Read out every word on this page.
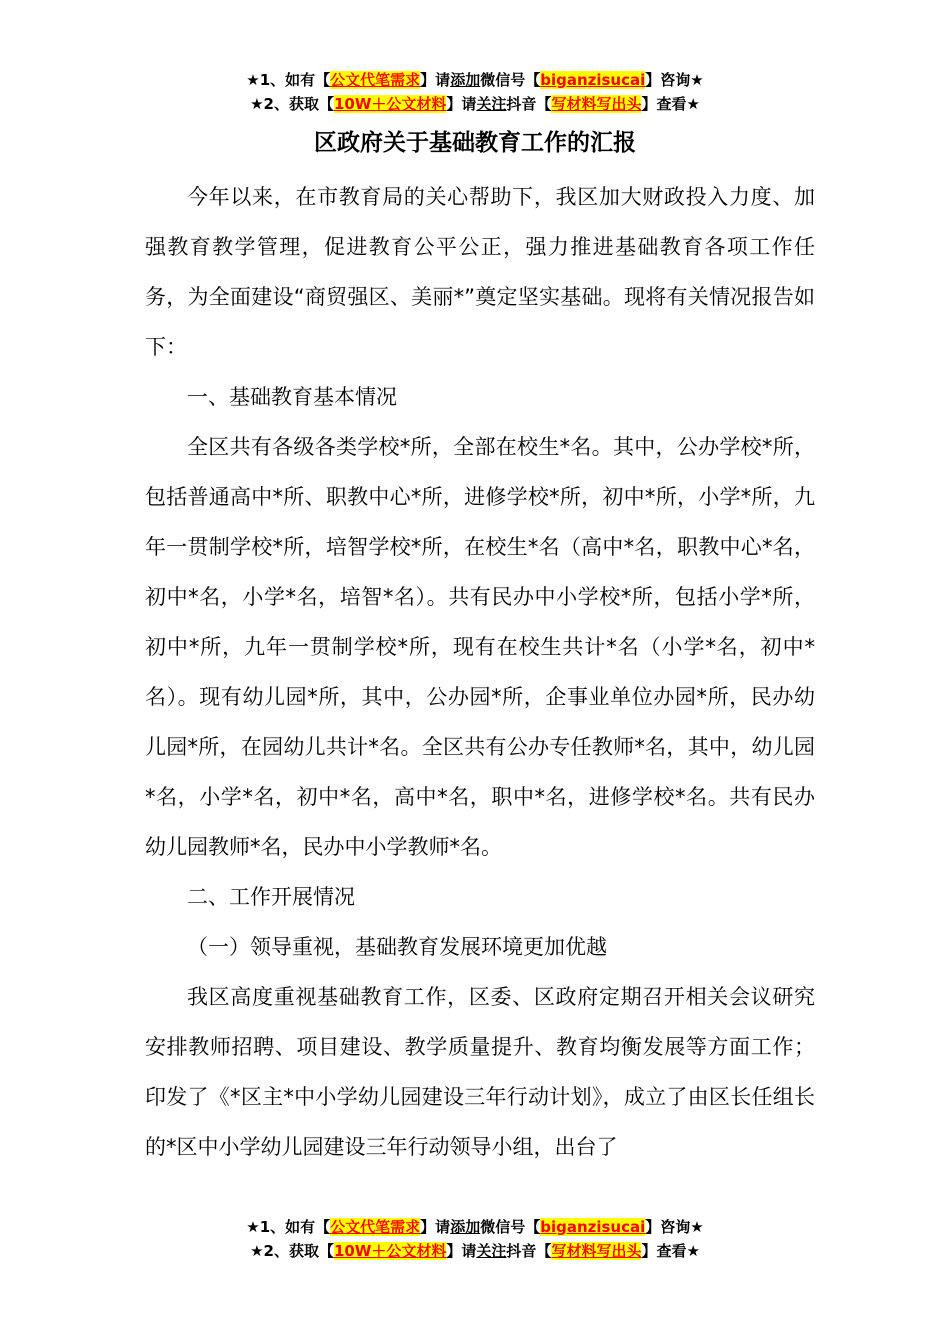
★1、如有【公文代笔需求】请添加微信号【biganzisucai】咨询★
★2、获取【10W＋公文材料】请关注抖音【写材料写出头】查看★
区政府关于基础教育工作的汇报

今年以来，在市教育局的关心帮助下，我区加大财政投入力度、加强教育教学管理，促进教育公平公正，强力推进基础教育各项工作任务，为全面建设“商贸强区、美丽*”奠定坚实基础。现将有关情况报告如下：

一、基础教育基本情况

全区共有各级各类学校*所，全部在校生*名。其中，公办学校*所，包括普通高中*所、职教中心*所，进修学校*所，初中*所，小学*所，九年一贯制学校*所，培智学校*所，在校生*名（高中*名，职教中心*名，初中*名，小学*名，培智*名）。共有民办中小学校*所，包括小学*所，初中*所，九年一贯制学校*所，现有在校生共计*名（小学*名，初中*名）。现有幼儿园*所，其中，公办园*所，企事业单位办园*所，民办幼儿园*所，在园幼儿共计*名。全区共有公办专任教师*名，其中，幼儿园*名，小学*名，初中*名，高中*名，职中*名，进修学校*名。共有民办幼儿园教师*名，民办中小学教师*名。

二、工作开展情况

（一）领导重视，基础教育发展环境更加优越

我区高度重视基础教育工作，区委、区政府定期召开相关会议研究安排教师招聘、项目建设、教学质量提升、教育均衡发展等方面工作；印发了《*区主*中小学幼儿园建设三年行动计划》，成立了由区长任组长的*区中小学幼儿园建设三年行动领导小组，出台了

★1、如有【公文代笔需求】请添加微信号【biganzisucai】咨询★
★2、获取【10W＋公文材料】请关注抖音【写材料写出头】查看★
